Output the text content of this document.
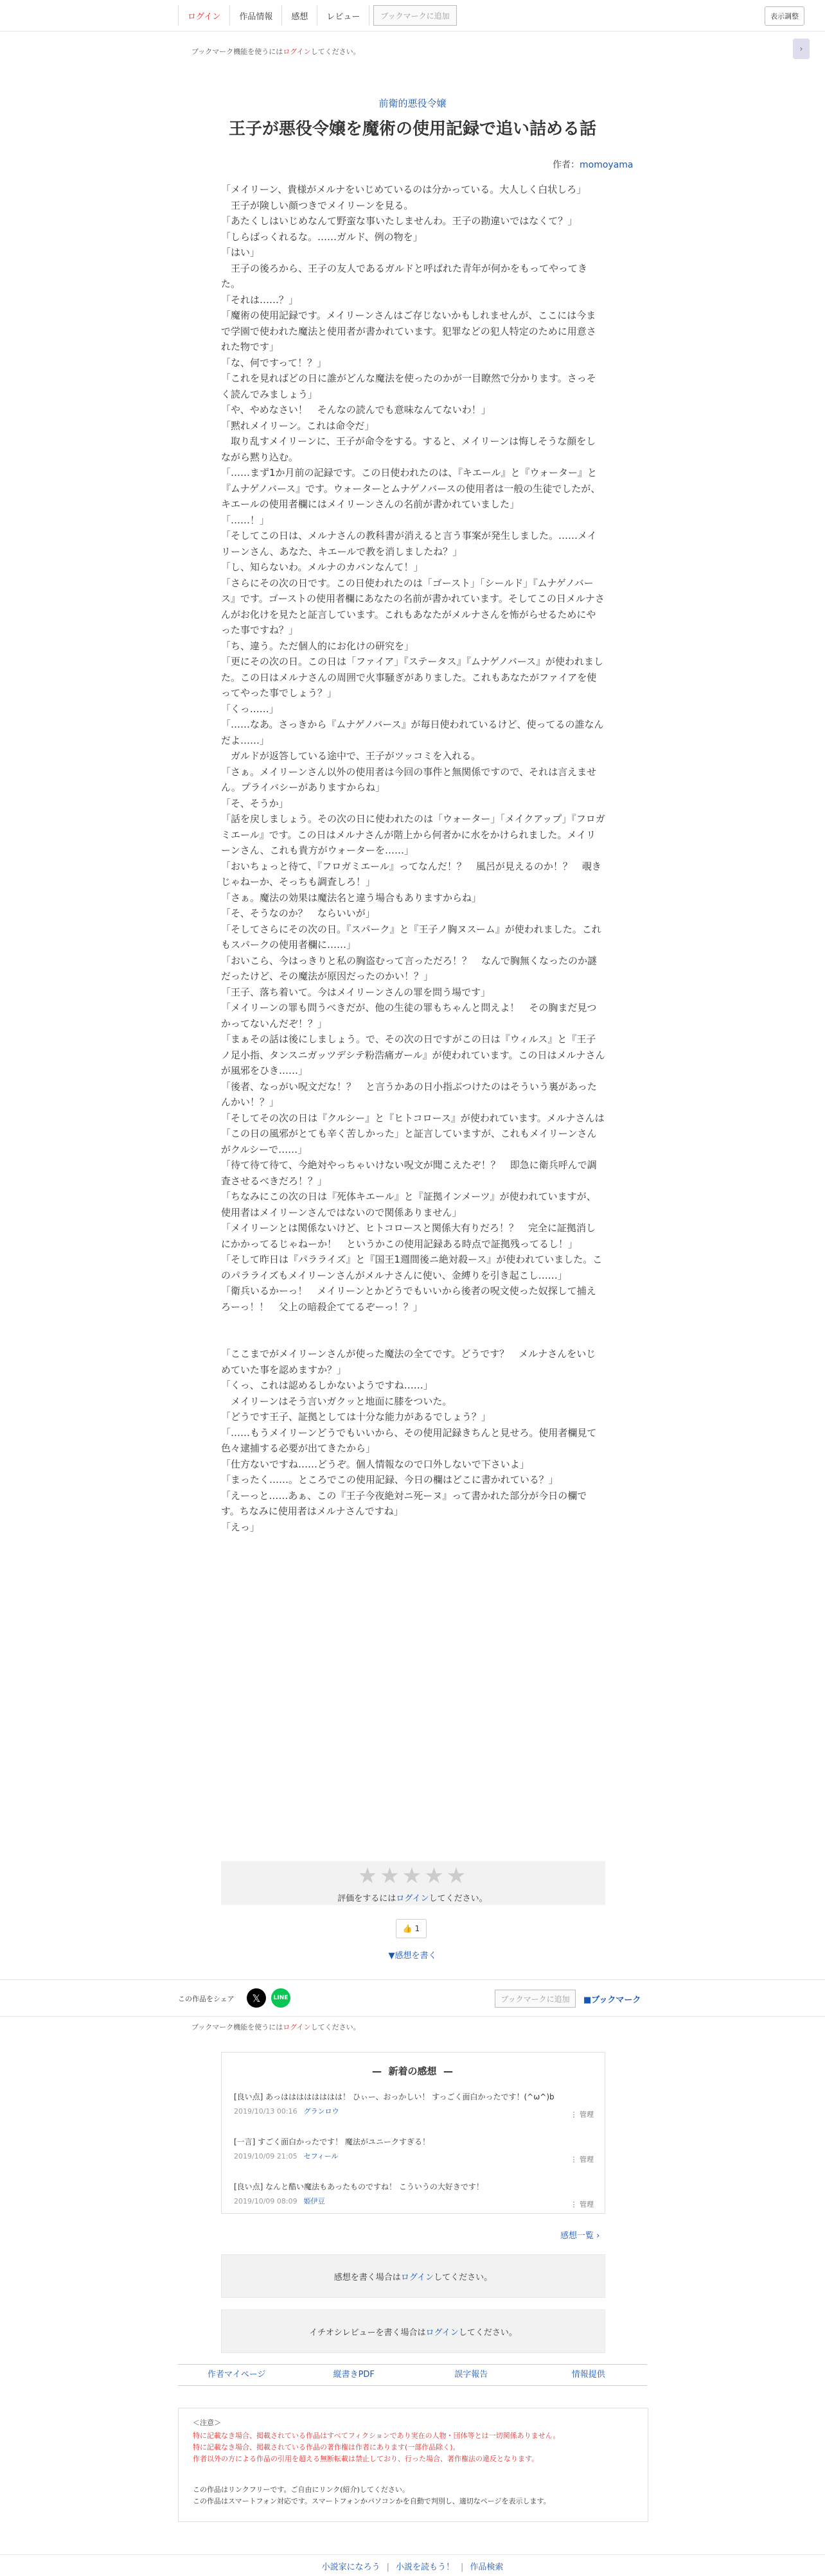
ログイン	作品情報	感想	レビュー	ブックマークに追加	表示調整
ブックマーク機能を使うにはログインしてください。	›
前衛的悪役令嬢
王子が悪役令嬢を魔術の使用記録で追い詰める話
作者：momoyama

「メイリーン、貴様がメルナをいじめているのは分かっている。大人しく白状しろ」

　王子が険しい顔つきでメイリーンを見る。

「あたくしはいじめなんて野蛮な事いたしませんわ。王子の勘違いではなくて？」

「しらばっくれるな。……ガルド、例の物を」

「はい」

　王子の後ろから、王子の友人であるガルドと呼ばれた青年が何かをもってやってきた。

「それは……？」

「魔術の使用記録です。メイリーンさんはご存じないかもしれませんが、ここには今まで学園で使われた魔法と使用者が書かれています。犯罪などの犯人特定のために用意された物です」

「な、何ですって！？」

「これを見ればどの日に誰がどんな魔法を使ったのかが一目瞭然で分かります。さっそく読んでみましょう」

「や、やめなさい！　そんなの読んでも意味なんてないわ！」

「黙れメイリーン。これは命令だ」

　取り乱すメイリーンに、王子が命令をする。すると、メイリーンは悔しそうな顔をしながら黙り込む。

「……まず1か月前の記録です。この日使われたのは、『キエール』と『ウォーター』と『ムナゲノバース』です。ウォーターとムナゲノバースの使用者は一般の生徒でしたが、キエールの使用者欄にはメイリーンさんの名前が書かれていました」

「……！」

「そしてこの日は、メルナさんの教科書が消えると言う事案が発生しました。……メイリーンさん、あなた、キエールで教を消しましたね？」

「し、知らないわ。メルナのカバンなんて！」

「さらにその次の日です。この日使われたのは「ゴースト」「シールド」『ムナゲノバース』です。ゴーストの使用者欄にあなたの名前が書かれています。そしてこの日メルナさんがお化けを見たと証言しています。これもあなたがメルナさんを怖がらせるためにやった事ですね？」

「ち、違う。ただ個人的にお化けの研究を」

「更にその次の日。この日は「ファイア」『ステータス』『ムナゲノバース』が使われました。この日はメルナさんの周囲で火事騒ぎがありました。これもあなたがファイアを使ってやった事でしょう？」

「くっ……」

「……なあ。さっきから『ムナゲノバース』が毎日使われているけど、使ってるの誰なんだよ……」

　ガルドが返答している途中で、王子がツッコミを入れる。

「さぁ。メイリーンさん以外の使用者は今回の事件と無関係ですので、それは言えません。プライバシーがありますからね」

「そ、そうか」

「話を戻しましょう。その次の日に使われたのは「ウォーター」「メイクアップ」『フロガミエール』です。この日はメルナさんが階上から何者かに水をかけられました。メイリーンさん、これも貴方がウォーターを……」

「おいちょっと待て、『フロガミエール』ってなんだ！？　風呂が見えるのか！？　覗きじゃねーか、そっちも調査しろ！」

「さぁ。魔法の効果は魔法名と違う場合もありますからね」

「そ、そうなのか？　ならいいが」

「そしてさらにその次の日。『スパーク』と『王子ノ胸ヌスーム』が使われました。これもスパークの使用者欄に……」

「おいこら、今はっきりと私の胸盗むって言っただろ！？　なんで胸無くなったのか謎だったけど、その魔法が原因だったのかい！？」

「王子、落ち着いて。今はメイリーンさんの罪を問う場です」

「メイリーンの罪も問うべきだが、他の生徒の罪もちゃんと問えよ！　その胸まだ見つかってないんだぞ！？」

「まぁその話は後にしましょう。で、その次の日ですがこの日は『ウィルス』と『王子ノ足小指、タンスニガッツデシテ粉浩痛ガール』が使われています。この日はメルナさんが風邪をひき……」

「後者、なっがい呪文だな！？　と言うかあの日小指ぶつけたのはそういう裏があったんかい！？」

「そしてその次の日は『クルシー』と『ヒトコロース』が使われています。メルナさんは「この日の風邪がとても辛く苦しかった」と証言していますが、これもメイリーンさんがクルシーで……」

「待て待て待て、今絶対やっちゃいけない呪文が聞こえたぞ！？　即急に衛兵呼んで調査させるべきだろ！？」

「ちなみにこの次の日は『死体キエール』と『証拠インメーツ』が使われていますが、使用者はメイリーンさんではないので関係ありません」

「メイリーンとは関係ないけど、ヒトコロースと関係大有りだろ！？　完全に証拠消しにかかってるじゃねーか！　というかこの使用記録ある時点で証拠残ってるし！」

「そして昨日は『パラライズ』と『国王1週間後ニ絶対殺ース』が使われていました。このパラライズもメイリーンさんがメルナさんに使い、金縛りを引き起こし……」

「衛兵いるかーっ！　メイリーンとかどうでもいいから後者の呪文使った奴探して捕えろーっ！！　父上の暗殺企ててるぞーっ！？」

「ここまでがメイリーンさんが使った魔法の全てです。どうです？　メルナさんをいじめていた事を認めますか？」

「くっ、これは認めるしかないようですね……」

　メイリーンはそう言いガクッと地面に膝をついた。

「どうです王子、証拠としては十分な能力があるでしょう？」

「……もうメイリーンどうでもいいから、その使用記録きちんと見せろ。使用者欄見て色々逮捕する必要が出てきたから」

「仕方ないですね……どうぞ。個人情報なので口外しないで下さいよ」

「まったく……。ところでこの使用記録、今日の欄はどこに書かれている？」

「えーっと……あぁ、この『王子今夜絶対ニ死ーヌ』って書かれた部分が今日の欄です。ちなみに使用者はメルナさんですね」

「えっ」

★★★★★
評価をするにはログインしてください。
👍
1
▼感想を書く
この作品をシェア	𝕏	LINE	ブックマークに追加	■ブックマーク
ブックマーク機能を使うにはログインしてください。
—  新着の感想  —
[良い点] あっはははははははは！ ひぃー、おっかしい！ すっごく面白かったです！(^ω^)b
2019/10/13 00:16 グランロウ	⋮ 管理
[一言] すごく面白かったです！ 魔法がユニークすぎる！
2019/10/09 21:05 セフィール	⋮ 管理
[良い点] なんと酷い魔法もあったものですね！ こういうの大好きです！
2019/10/09 08:09 姫伊豆	⋮ 管理
感想一覧 ›
感想を書く場合は ログイン してください。
イチオシレビューを書く場合は ログイン してください。
作者マイページ	縦書きPDF	誤字報告	情報提供
＜注意＞
特に記載なき場合、掲載されている作品はすべてフィクションであり実在の人物・団体等とは一切関係ありません。
特に記載なき場合、掲載されている作品の著作権は作者にあります(一部作品除く)。
作者以外の方による作品の引用を超える無断転載は禁止しており、行った場合、著作権法の違反となります。
この作品はリンクフリーです。ご自由にリンク(紹介)してください。
この作品はスマートフォン対応です。スマートフォンかパソコンかを自動で判別し、適切なページを表示します。
小説家になろう | 小説を読もう！ | 作品検索
